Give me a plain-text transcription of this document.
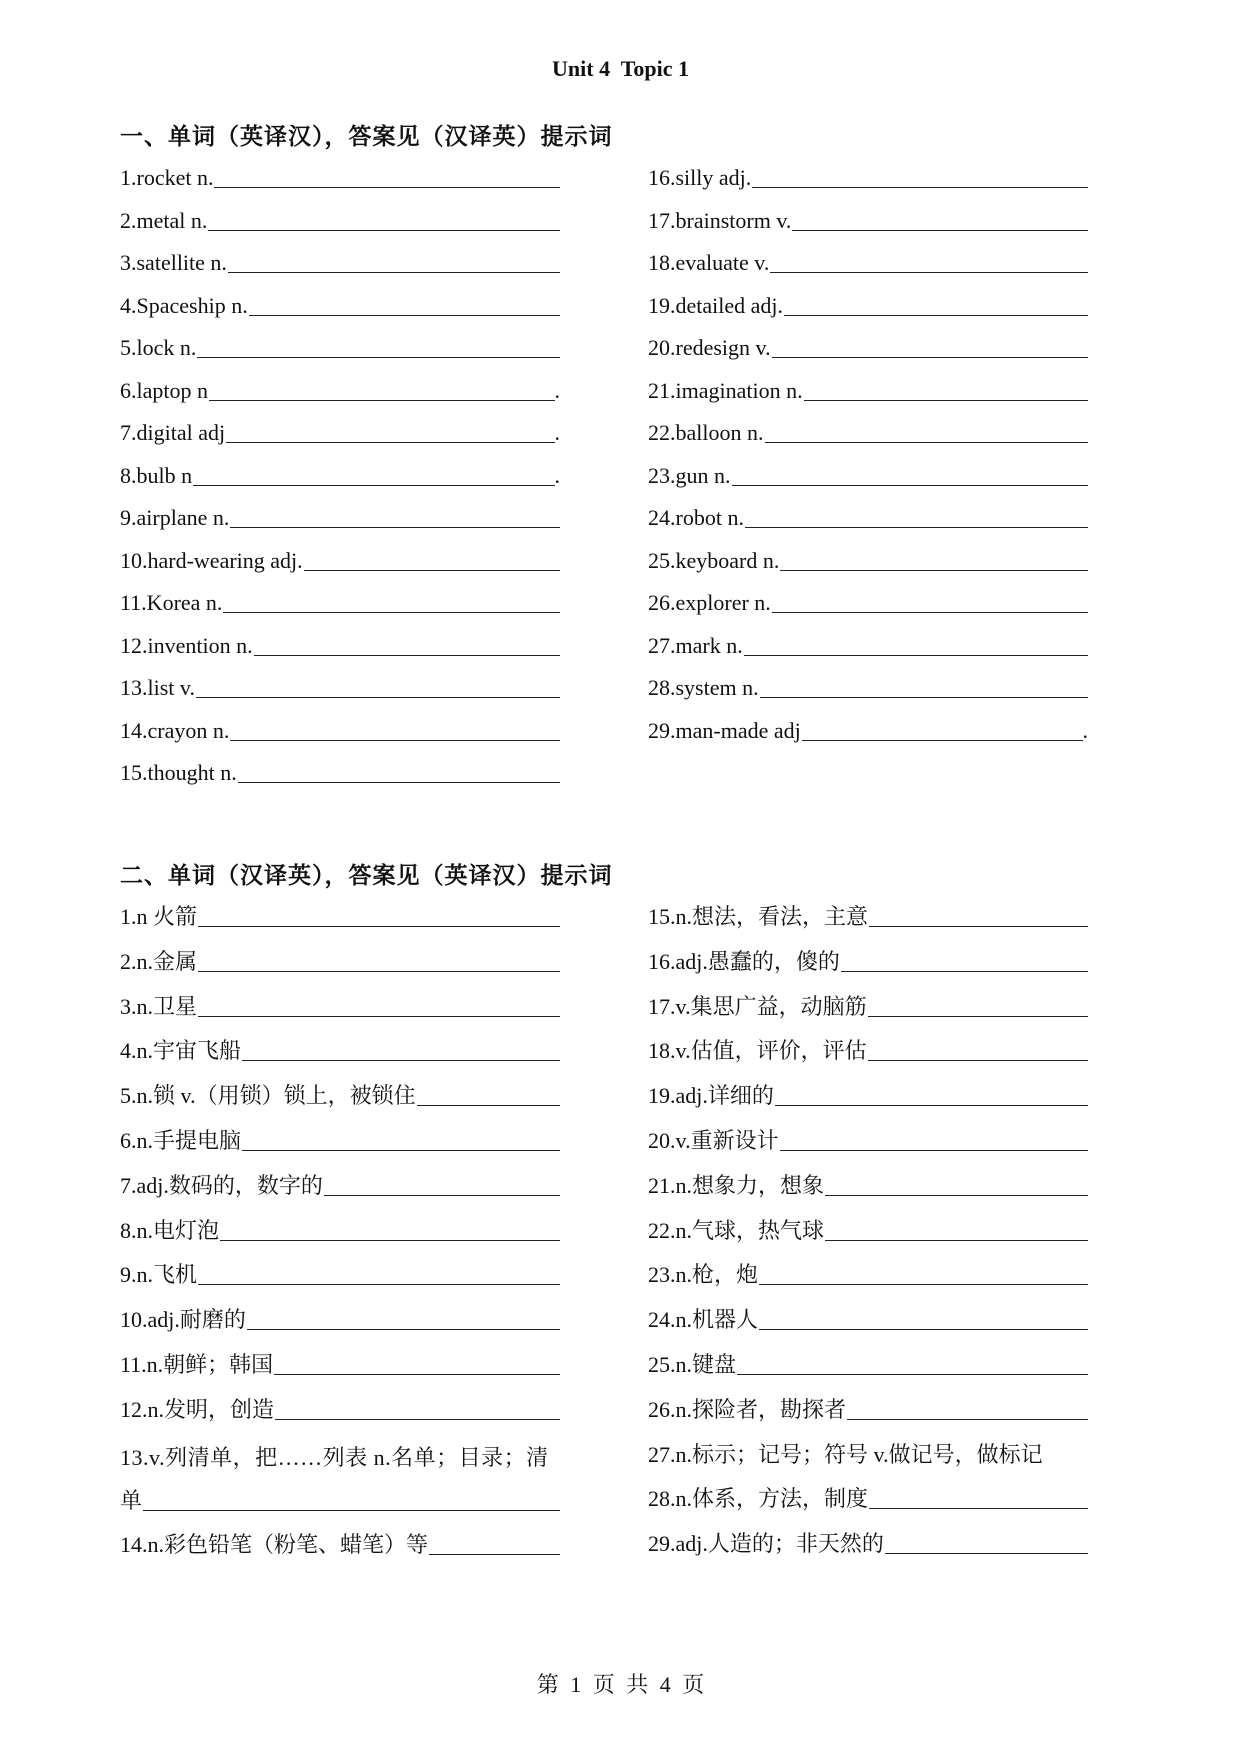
Unit 4  Topic 1
一、单词（英译汉），答案见（汉译英）提示词
1.rocket n.
2.metal n.
3.satellite n.
4.Spaceship n.
5.lock n.
6.laptop n	.
7.digital adj	.
8.bulb n	.
9.airplane n.
10.hard-wearing adj.
11.Korea n.
12.invention n.
13.list v.
14.crayon n.
15.thought n.
16.silly adj.
17.brainstorm v.
18.evaluate v.
19.detailed adj.
20.redesign v.
21.imagination n.
22.balloon n.
23.gun n.
24.robot n.
25.keyboard n.
26.explorer n.
27.mark n.
28.system n.
29.man-made adj	.
二、单词（汉译英），答案见（英译汉）提示词
1.n 火箭
2.n.金属
3.n.卫星
4.n.宇宙飞船
5.n.锁 v.（用锁）锁上，被锁住
6.n.手提电脑
7.adj.数码的，数字的
8.n.电灯泡
9.n.飞机
10.adj.耐磨的
11.n.朝鲜；韩国
12.n.发明，创造
13.v.列清单，把……列表 n.名单；目录；清
单
14.n.彩色铅笔（粉笔、蜡笔）等
15.n.想法，看法，主意
16.adj.愚蠢的，傻的
17.v.集思广益，动脑筋
18.v.估值，评价，评估
19.adj.详细的
20.v.重新设计
21.n.想象力，想象
22.n.气球，热气球
23.n.枪，炮
24.n.机器人
25.n.键盘
26.n.探险者，勘探者
27.n.标示；记号；符号 v.做记号，做标记
28.n.体系，方法，制度
29.adj.人造的；非天然的
第 1 页 共 4 页
